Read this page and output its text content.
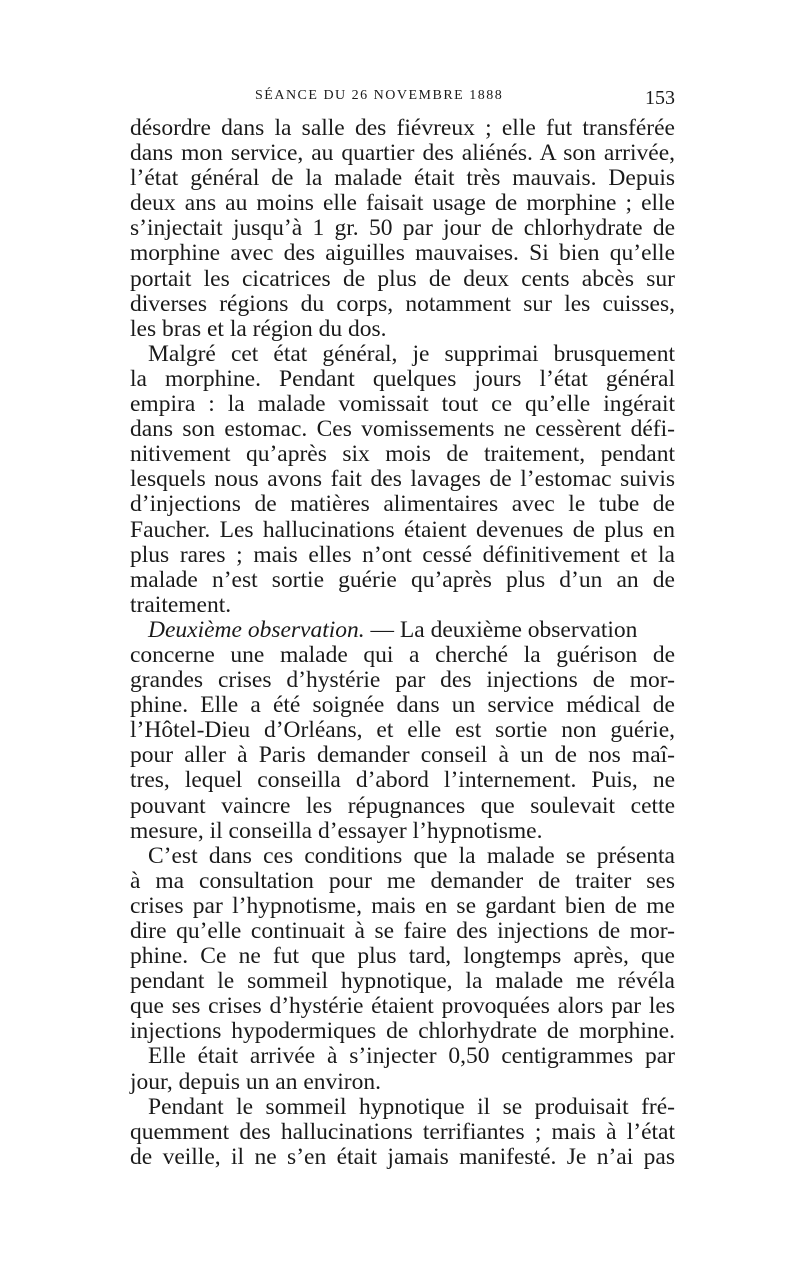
SÉANCE DU 26 NOVEMBRE 1888	153
désordre dans la salle des fiévreux ; elle fut transférée
dans mon service, au quartier des aliénés. A son arrivée,
l’état général de la malade était très mauvais. Depuis
deux ans au moins elle faisait usage de morphine ; elle
s’injectait jusqu’à 1 gr. 50 par jour de chlorhydrate de
morphine avec des aiguilles mauvaises. Si bien qu’elle
portait les cicatrices de plus de deux cents abcès sur
diverses régions du corps, notamment sur les cuisses,
les bras et la région du dos.
Malgré cet état général, je supprimai brusquement
la morphine. Pendant quelques jours l’état général
empira : la malade vomissait tout ce qu’elle ingérait
dans son estomac. Ces vomissements ne cessèrent défi-
nitivement qu’après six mois de traitement, pendant
lesquels nous avons fait des lavages de l’estomac suivis
d’injections de matières alimentaires avec le tube de
Faucher. Les hallucinations étaient devenues de plus en
plus rares ; mais elles n’ont cessé définitivement et la
malade n’est sortie guérie qu’après plus d’un an de
traitement.
Deuxième observation. — La deuxième observation
concerne une malade qui a cherché la guérison de
grandes crises d’hystérie par des injections de mor-
phine. Elle a été soignée dans un service médical de
l’Hôtel-Dieu d’Orléans, et elle est sortie non guérie,
pour aller à Paris demander conseil à un de nos maî-
tres, lequel conseilla d’abord l’internement. Puis, ne
pouvant vaincre les répugnances que soulevait cette
mesure, il conseilla d’essayer l’hypnotisme.
C’est dans ces conditions que la malade se présenta
à ma consultation pour me demander de traiter ses
crises par l’hypnotisme, mais en se gardant bien de me
dire qu’elle continuait à se faire des injections de mor-
phine. Ce ne fut que plus tard, longtemps après, que
pendant le sommeil hypnotique, la malade me révéla
que ses crises d’hystérie étaient provoquées alors par les
injections hypodermiques de chlorhydrate de morphine.
Elle était arrivée à s’injecter 0,50 centigrammes par
jour, depuis un an environ.
Pendant le sommeil hypnotique il se produisait fré-
quemment des hallucinations terrifiantes ; mais à l’état
de veille, il ne s’en était jamais manifesté. Je n’ai pas
